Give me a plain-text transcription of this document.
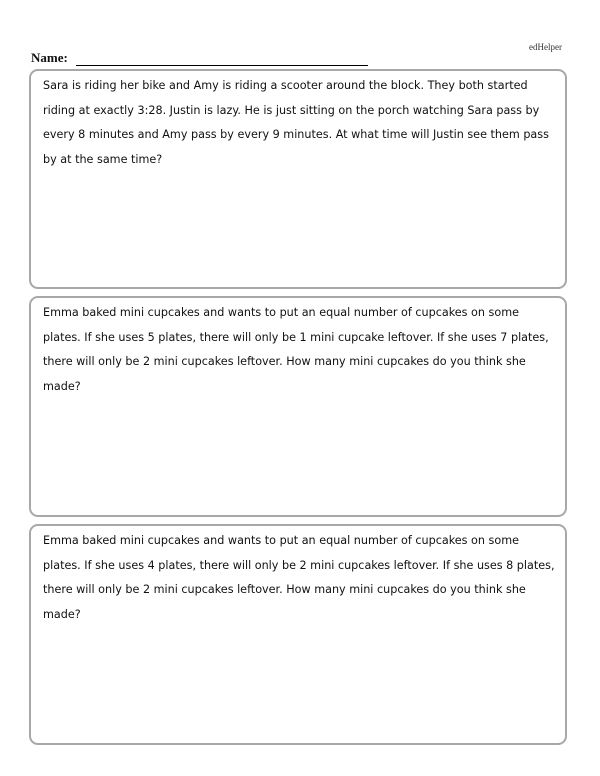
edHelper
Name:

Sara is riding her bike and Amy is riding a scooter around the block. They both started riding at exactly 3:28. Justin is lazy. He is just sitting on the porch watching Sara pass by every 8 minutes and Amy pass by every 9 minutes. At what time will Justin see them pass by at the same time?

Emma baked mini cupcakes and wants to put an equal number of cupcakes on some plates. If she uses 5 plates, there will only be 1 mini cupcake leftover. If she uses 7 plates, there will only be 2 mini cupcakes leftover. How many mini cupcakes do you think she made?

Emma baked mini cupcakes and wants to put an equal number of cupcakes on some plates. If she uses 4 plates, there will only be 2 mini cupcakes leftover. If she uses 8 plates, there will only be 2 mini cupcakes leftover. How many mini cupcakes do you think she made?
